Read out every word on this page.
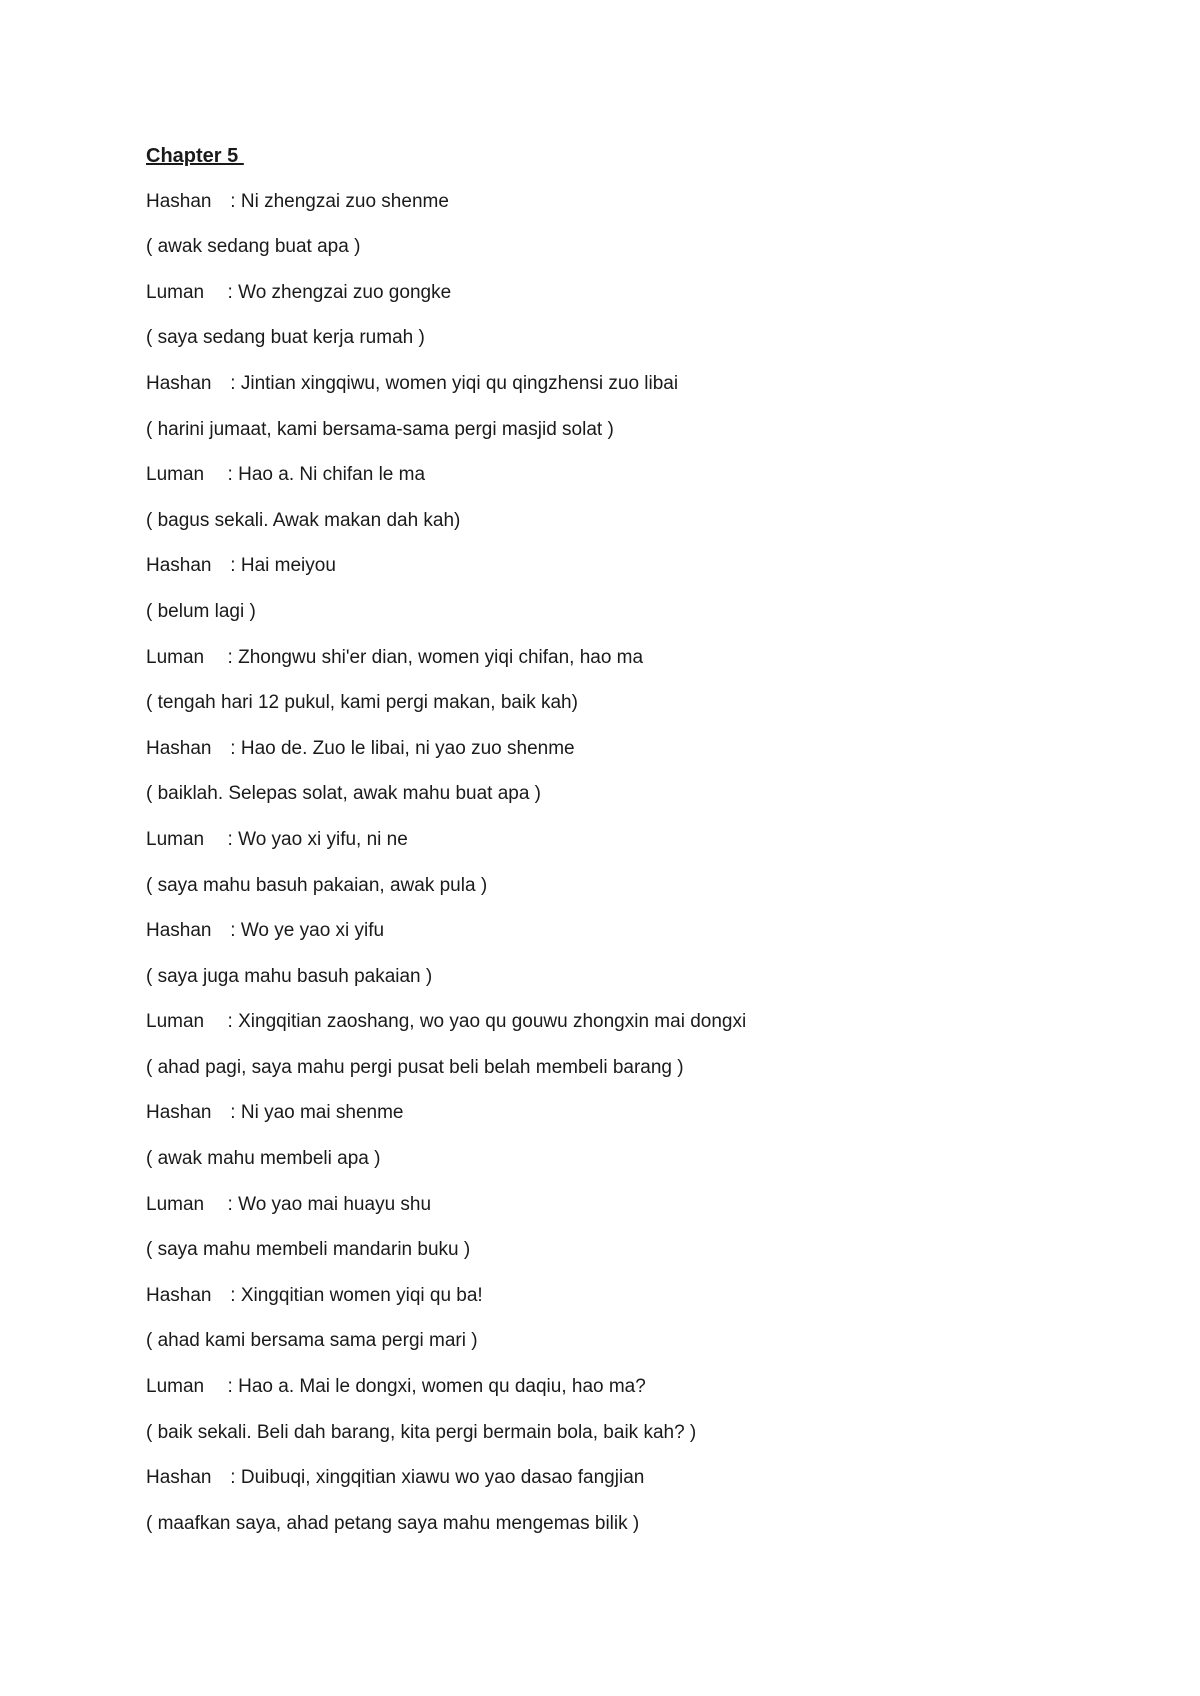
Chapter 5

Hashan : Ni zhengzai zuo shenme

( awak sedang buat apa )

Luman  : Wo zhengzai zuo gongke

( saya sedang buat kerja rumah )

Hashan : Jintian xingqiwu, women yiqi qu qingzhensi zuo libai

( harini jumaat, kami bersama-sama pergi masjid solat )

Luman  : Hao a. Ni chifan le ma

( bagus sekali. Awak makan dah kah)

Hashan : Hai meiyou

( belum lagi )

Luman  : Zhongwu shi'er dian, women yiqi chifan, hao ma

( tengah hari 12 pukul, kami pergi makan, baik kah)

Hashan : Hao de. Zuo le libai, ni yao zuo shenme

( baiklah. Selepas solat, awak mahu buat apa )

Luman  : Wo yao xi yifu, ni ne

( saya mahu basuh pakaian, awak pula )

Hashan : Wo ye yao xi yifu

( saya juga mahu basuh pakaian )

Luman  : Xingqitian zaoshang, wo yao qu gouwu zhongxin mai dongxi

( ahad pagi, saya mahu pergi pusat beli belah membeli barang )

Hashan : Ni yao mai shenme

( awak mahu membeli apa )

Luman  : Wo yao mai huayu shu

( saya mahu membeli mandarin buku )

Hashan : Xingqitian women yiqi qu ba!

( ahad kami bersama sama pergi mari )

Luman  : Hao a. Mai le dongxi, women qu daqiu, hao ma?

( baik sekali. Beli dah barang, kita pergi bermain bola, baik kah? )

Hashan : Duibuqi, xingqitian xiawu wo yao dasao fangjian

( maafkan saya, ahad petang saya mahu mengemas bilik )
